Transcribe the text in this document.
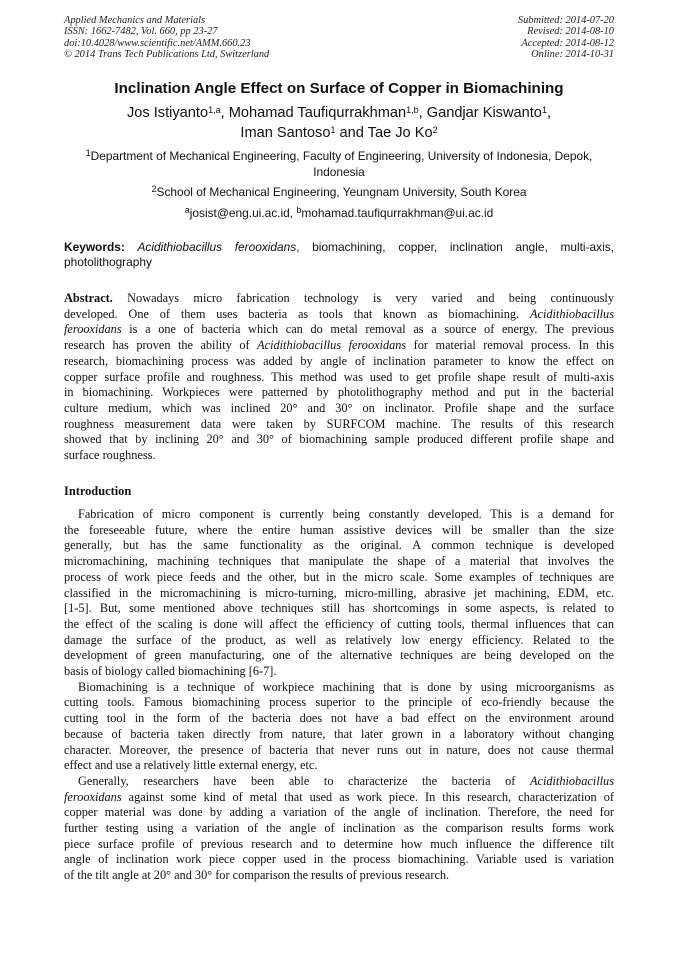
Applied Mechanics and Materials
ISSN: 1662-7482, Vol. 660, pp 23-27
doi:10.4028/www.scientific.net/AMM.660.23
© 2014 Trans Tech Publications Ltd, Switzerland
Submitted: 2014-07-20
Revised: 2014-08-10
Accepted: 2014-08-12
Online: 2014-10-31
Inclination Angle Effect on Surface of Copper in Biomachining
Jos Istiyanto$^{1,a}$, Mohamad Taufiqurrakhman$^{1,b}$, Gandjar Kiswanto$^1$,
Iman Santoso$^1$ and Tae Jo Ko$^2$
$^1$Department of Mechanical Engineering, Faculty of Engineering, University of Indonesia, Depok,
Indonesia
$^2$School of Mechanical Engineering, Yeungnam University, South Korea
$^a$josist@eng.ui.ac.id, $^b$mohamad.taufiqurrakhman@ui.ac.id
Keywords: Acidithiobacillus ferooxidans, biomachining, copper, inclination angle, multi-axis,
photolithography
Abstract. Nowadays micro fabrication technology is very varied and being continuously
developed. One of them uses bacteria as tools that known as biomachining. Acidithiobacillus
ferooxidans is a one of bacteria which can do metal removal as a source of energy. The previous
research has proven the ability of Acidithiobacillus ferooxidans for material removal process. In this
research, biomachining process was added by angle of inclination parameter to know the effect on
copper surface profile and roughness. This method was used to get profile shape result of multi-axis
in biomachining. Workpieces were patterned by photolithography method and put in the bacterial
culture medium, which was inclined 20° and 30° on inclinator. Profile shape and the surface
roughness measurement data were taken by SURFCOM machine. The results of this research
showed that by inclining 20° and 30° of biomachining sample produced different profile shape and
surface roughness.
Introduction
Fabrication of micro component is currently being constantly developed. This is a demand for
the foreseeable future, where the entire human assistive devices will be smaller than the size
generally, but has the same functionality as the original. A common technique is developed
micromachining, machining techniques that manipulate the shape of a material that involves the
process of work piece feeds and the other, but in the micro scale. Some examples of techniques are
classified in the micromachining is micro-turning, micro-milling, abrasive jet machining, EDM, etc.
[1-5]. But, some mentioned above techniques still has shortcomings in some aspects, is related to
the effect of the scaling is done will affect the efficiency of cutting tools, thermal influences that can
damage the surface of the product, as well as relatively low energy efficiency. Related to the
development of green manufacturing, one of the alternative techniques are being developed on the
basis of biology called biomachining [6-7].
Biomachining is a technique of workpiece machining that is done by using microorganisms as
cutting tools. Famous biomachining process superior to the principle of eco-friendly because the
cutting tool in the form of the bacteria does not have a bad effect on the environment around
because of bacteria taken directly from nature, that later grown in a laboratory without changing
character. Moreover, the presence of bacteria that never runs out in nature, does not cause thermal
effect and use a relatively little external energy, etc.
Generally, researchers have been able to characterize the bacteria of Acidithiobacillus
ferooxidans against some kind of metal that used as work piece. In this research, characterization of
copper material was done by adding a variation of the angle of inclination. Therefore, the need for
further testing using a variation of the angle of inclination as the comparison results forms work
piece surface profile of previous research and to determine how much influence the difference tilt
angle of inclination work piece copper used in the process biomachining. Variable used is variation
of the tilt angle at 20° and 30° for comparison the results of previous research.
